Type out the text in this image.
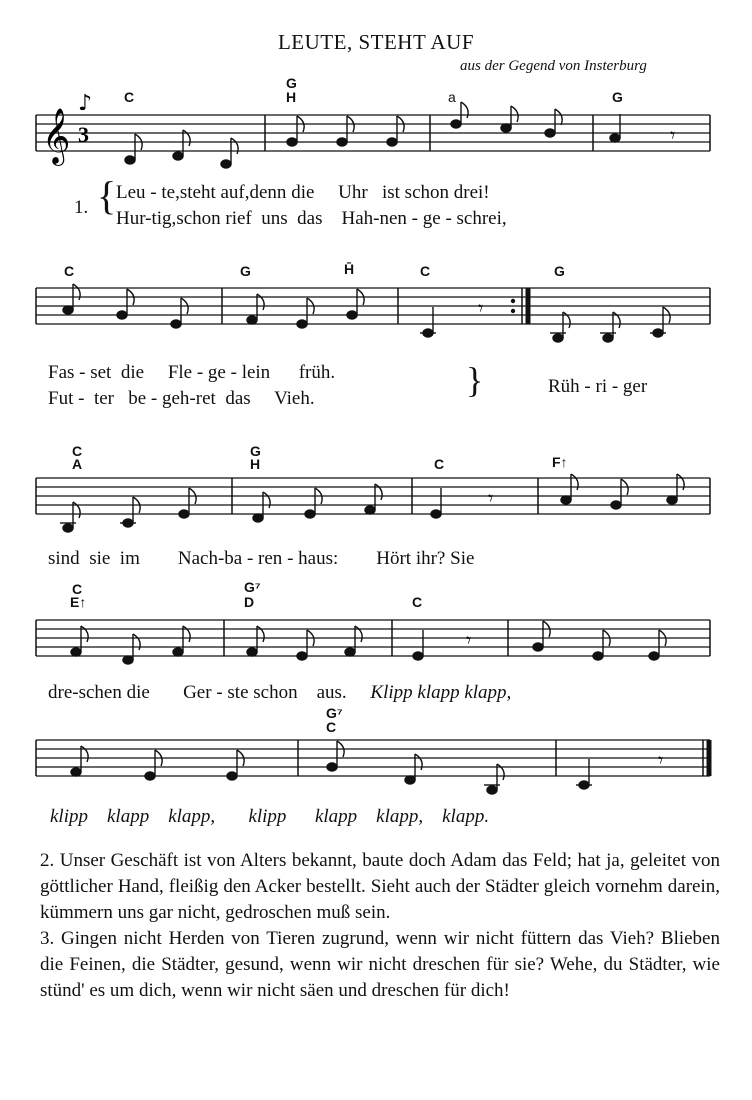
LEUTE, STEHT AUF
aus der Gegend von Insterburg
𝄞 3
♪
𝄾
C
G
H	a	G
1. { Leu - te,steht auf,denn die Uhr ist schon drei!
Hur-tig,schon rief uns das Hah-nen - ge - schrei,
𝄾
C	G	H̄	C	G
Fas - set die Fle - ge - lein früh.
Fut - ter be - geh-ret das Vieh.	}	Rüh - ri - ger
𝄾
C
A
G
H	C	F↑
sind sie im Nach-ba - ren - haus: Hört ihr? Sie
𝄾
C
E↑
G⁷
D	C
dre-schen die Ger - ste schon aus. Klipp klapp klapp,
𝄾
G⁷
C
klipp klapp klapp, klipp klapp klapp, klapp.

2. Unser Geschäft ist von Alters bekannt, baute doch Adam das Feld; hat ja, geleitet von göttlicher Hand, fleißig den Acker bestellt. Sieht auch der Städter gleich vornehm darein, kümmern uns gar nicht, gedroschen muß sein.

3. Gingen nicht Herden von Tieren zugrund, wenn wir nicht füttern das Vieh? Blieben die Feinen, die Städter, gesund, wenn wir nicht dreschen für sie? Wehe, du Städter, wie stünd' es um dich, wenn wir nicht säen und dreschen für dich!
